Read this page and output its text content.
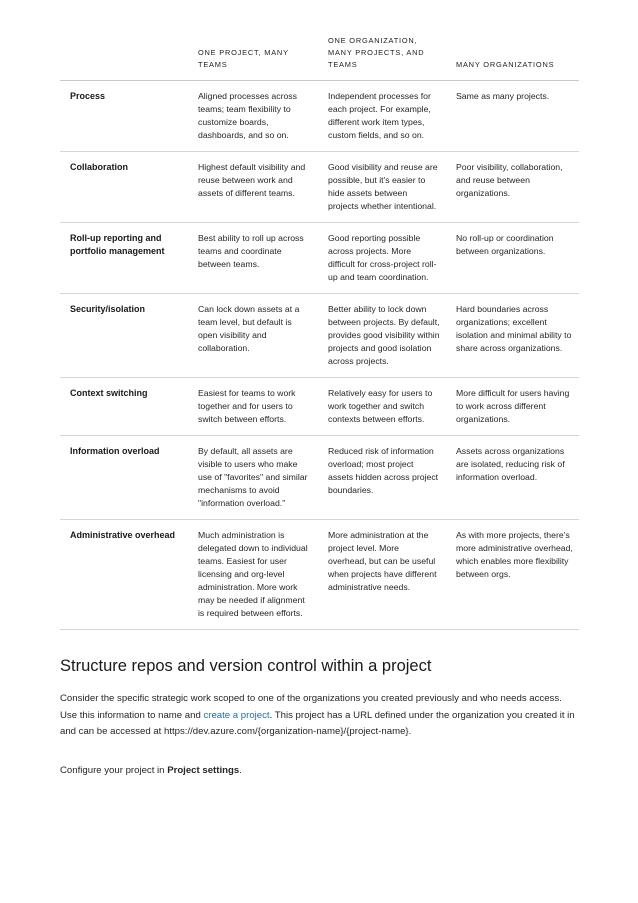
	ONE PROJECT, MANY TEAMS	ONE ORGANIZATION, MANY PROJECTS, AND TEAMS	MANY ORGANIZATIONS
Process	Aligned processes across teams; team flexibility to customize boards, dashboards, and so on.	Independent processes for each project. For example, different work item types, custom fields, and so on.	Same as many projects.
Collaboration	Highest default visibility and reuse between work and assets of different teams.	Good visibility and reuse are possible, but it's easier to hide assets between projects whether intentional.	Poor visibility, collaboration, and reuse between organizations.
Roll-up reporting and portfolio management	Best ability to roll up across teams and coordinate between teams.	Good reporting possible across projects. More difficult for cross-project roll-up and team coordination.	No roll-up or coordination between organizations.
Security/isolation	Can lock down assets at a team level, but default is open visibility and collaboration.	Better ability to lock down between projects. By default, provides good visibility within projects and good isolation across projects.	Hard boundaries across organizations; excellent isolation and minimal ability to share across organizations.
Context switching	Easiest for teams to work together and for users to switch between efforts.	Relatively easy for users to work together and switch contexts between efforts.	More difficult for users having to work across different organizations.
Information overload	By default, all assets are visible to users who make use of "favorites" and similar mechanisms to avoid "information overload."	Reduced risk of information overload; most project assets hidden across project boundaries.	Assets across organizations are isolated, reducing risk of information overload.
Administrative overhead	Much administration is delegated down to individual teams. Easiest for user licensing and org-level administration. More work may be needed if alignment is required between efforts.	More administration at the project level. More overhead, but can be useful when projects have different administrative needs.	As with more projects, there's more administrative overhead, which enables more flexibility between orgs.
Structure repos and version control within a project

Consider the specific strategic work scoped to one of the organizations you created previously and who needs access. Use this information to name and create a project. This project has a URL defined under the organization you created it in and can be accessed at https://dev.azure.com/{organization-name}/{project-name}.

Configure your project in Project settings.
